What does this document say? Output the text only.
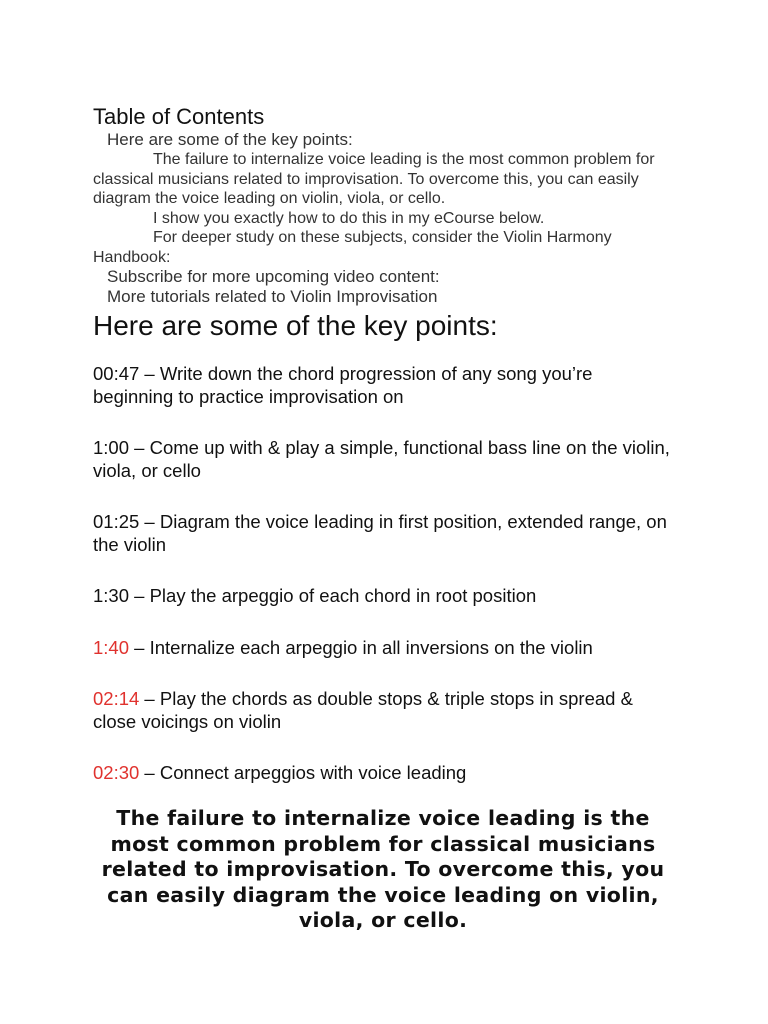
Table of Contents

Here are some of the key points:

The failure to internalize voice leading is the most common problem for classical musicians related to improvisation. To overcome this, you can easily diagram the voice leading on violin, viola, or cello.

I show you exactly how to do this in my eCourse below.

For deeper study on these subjects, consider the Violin Harmony Handbook:

Subscribe for more upcoming video content:

More tutorials related to Violin Improvisation

Here are some of the key points:

00:47 – Write down the chord progression of any song you’re beginning to practice improvisation on

1:00 – Come up with & play a simple, functional bass line on the violin, viola, or cello

01:25 – Diagram the voice leading in first position, extended range, on the violin

1:30 – Play the arpeggio of each chord in root position

1:40 – Internalize each arpeggio in all inversions on the violin

02:14 – Play the chords as double stops & triple stops in spread & close voicings on violin

02:30 – Connect arpeggios with voice leading

The failure to internalize voice leading is the most common problem for classical musicians related to improvisation. To overcome this, you can easily diagram the voice leading on violin, viola, or cello.
